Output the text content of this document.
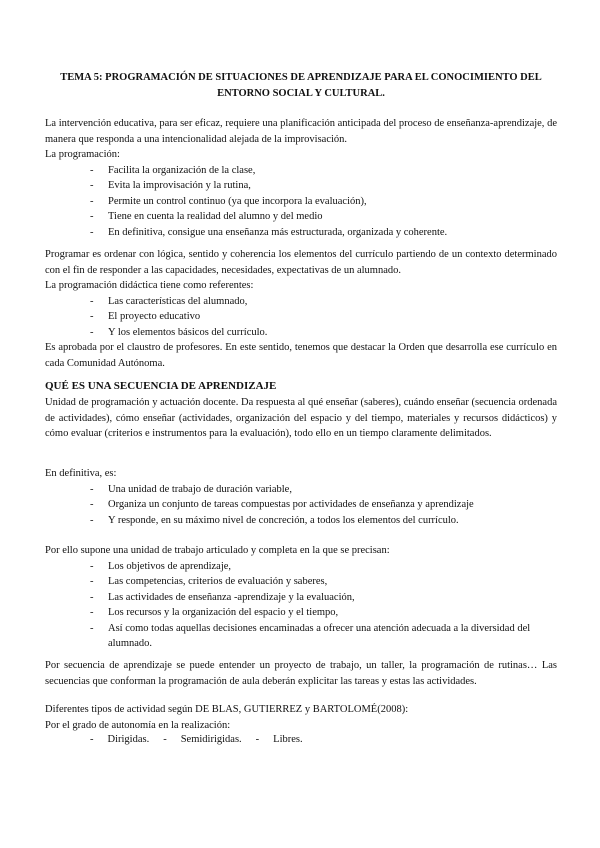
TEMA 5: PROGRAMACIÓN DE SITUACIONES DE APRENDIZAJE PARA EL CONOCIMIENTO DEL ENTORNO SOCIAL Y CULTURAL.

La intervención educativa, para ser eficaz, requiere una planificación anticipada del proceso de enseñanza-aprendizaje, de manera que responda a una intencionalidad alejada de la improvisación.

La programación:

- Facilita la organización de la clase,
- Evita la improvisación y la rutina,
- Permite un control continuo (ya que incorpora la evaluación),
- Tiene en cuenta la realidad del alumno y del medio
- En definitiva, consigue una enseñanza más estructurada, organizada y coherente.

Programar es ordenar con lógica, sentido y coherencia los elementos del currículo partiendo de un contexto determinado con el fin de responder a las capacidades, necesidades, expectativas de un alumnado.

La programación didáctica tiene como referentes:

- Las características del alumnado,
- El proyecto educativo
- Y los elementos básicos del currículo.

Es aprobada por el claustro de profesores. En este sentido, tenemos que destacar la Orden que desarrolla ese currículo en cada Comunidad Autónoma.

QUÉ ES UNA SECUENCIA DE APRENDIZAJE

Unidad de programación y actuación docente. Da respuesta al qué enseñar (saberes), cuándo enseñar (secuencia ordenada de actividades), cómo enseñar (actividades, organización del espacio y del tiempo, materiales y recursos didácticos) y cómo evaluar (criterios e instrumentos para la evaluación), todo ello en un tiempo claramente delimitados.

En definitiva, es:

- Una unidad de trabajo de duración variable,
- Organiza un conjunto de tareas compuestas por actividades de enseñanza y aprendizaje
- Y responde, en su máximo nivel de concreción, a todos los elementos del currículo.

Por ello supone una unidad de trabajo articulado y completa en la que se precisan:

- Los objetivos de aprendizaje,
- Las competencias, criterios de evaluación y saberes,
- Las actividades de enseñanza -aprendizaje y la evaluación,
- Los recursos y la organización del espacio y el tiempo,
- Así como todas aquellas decisiones encaminadas a ofrecer una atención adecuada a la diversidad del alumnado.

Por secuencia de aprendizaje se puede entender un proyecto de trabajo, un taller, la programación de rutinas… Las secuencias que conforman la programación de aula deberán explicitar las tareas y estas las actividades.

Diferentes tipos de actividad según DE BLAS, GUTIERREZ y BARTOLOMÉ(2008):

Por el grado de autonomía en la realización:

- Dirigidas. - Semidirigidas. - Libres.
